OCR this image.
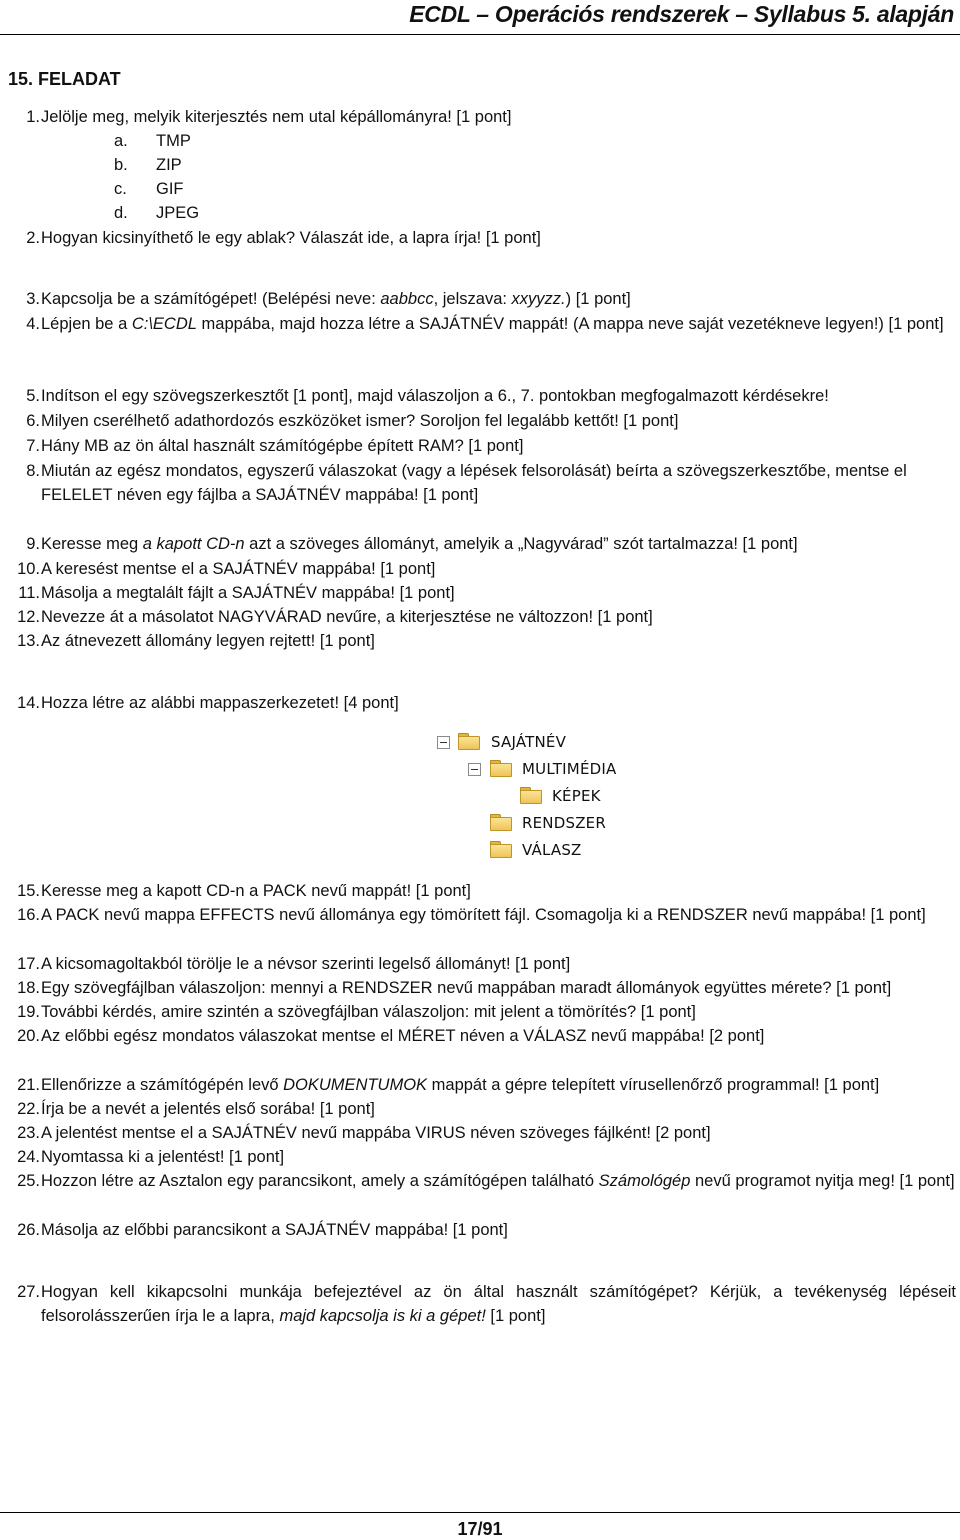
ECDL – Operációs rendszerek – Syllabus 5. alapján
15. FELADAT
1. Jelölje meg, melyik kiterjesztés nem utal képállományra! [1 pont]
a. TMP
b. ZIP
c. GIF
d. JPEG
2. Hogyan kicsinyíthető le egy ablak? Válaszát ide, a lapra írja! [1 pont]
3. Kapcsolja be a számítógépet! (Belépési neve: aabbcc, jelszava: xxyyzz.) [1 pont]
4. Lépjen be a C:\ECDL mappába, majd hozza létre a SAJÁTNÉV mappát! (A mappa neve saját vezetékneve legyen!) [1 pont]
5. Indítson el egy szövegszerkesztőt [1 pont], majd válaszoljon a 6., 7. pontokban megfogalmazott kérdésekre!
6. Milyen cserélhető adathordozós eszközöket ismer? Soroljon fel legalább kettőt! [1 pont]
7. Hány MB az ön által használt számítógépbe épített RAM? [1 pont]
8. Miután az egész mondatos, egyszerű válaszokat (vagy a lépések felsorolását) beírta a szövegszerkesztőbe, mentse el FELELET néven egy fájlba a SAJÁTNÉV mappába! [1 pont]
9. Keresse meg a kapott CD-n azt a szöveges állományt, amelyik a „Nagyvárad” szót tartalmazza! [1 pont]
10. A keresést mentse el a SAJÁTNÉV mappába! [1 pont]
11. Másolja a megtalált fájlt a SAJÁTNÉV mappába! [1 pont]
12. Nevezze át a másolatot NAGYVÁRAD nevűre, a kiterjesztése ne változzon! [1 pont]
13. Az átnevezett állomány legyen rejtett! [1 pont]
14. Hozza létre az alábbi mappaszerkezetet! [4 pont]
SAJÁTNÉV
MULTIMÉDIA
KÉPEK
RENDSZER
VÁLASZ
15. Keresse meg a kapott CD-n a PACK nevű mappát! [1 pont]
16. A PACK nevű mappa EFFECTS nevű állománya egy tömörített fájl. Csomagolja ki a RENDSZER nevű mappába! [1 pont]
17. A kicsomagoltakból törölje le a névsor szerinti legelső állományt! [1 pont]
18. Egy szövegfájlban válaszoljon: mennyi a RENDSZER nevű mappában maradt állományok együttes mérete? [1 pont]
19. További kérdés, amire szintén a szövegfájlban válaszoljon: mit jelent a tömörítés? [1 pont]
20. Az előbbi egész mondatos válaszokat mentse el MÉRET néven a VÁLASZ nevű mappába! [2 pont]
21. Ellenőrizze a számítógépén levő DOKUMENTUMOK mappát a gépre telepített vírusellenőrző programmal! [1 pont]
22. Írja be a nevét a jelentés első sorába! [1 pont]
23. A jelentést mentse el a SAJÁTNÉV nevű mappába VIRUS néven szöveges fájlként! [2 pont]
24. Nyomtassa ki a jelentést! [1 pont]
25. Hozzon létre az Asztalon egy parancsikont, amely a számítógépen található Számológép nevű programot nyitja meg! [1 pont]
26. Másolja az előbbi parancsikont a SAJÁTNÉV mappába! [1 pont]
27. Hogyan kell kikapcsolni munkája befejeztével az ön által használt számítógépet? Kérjük, a tevékenység lépéseit felsorolásszerűen írja le a lapra, majd kapcsolja is ki a gépet! [1 pont]
17/91
